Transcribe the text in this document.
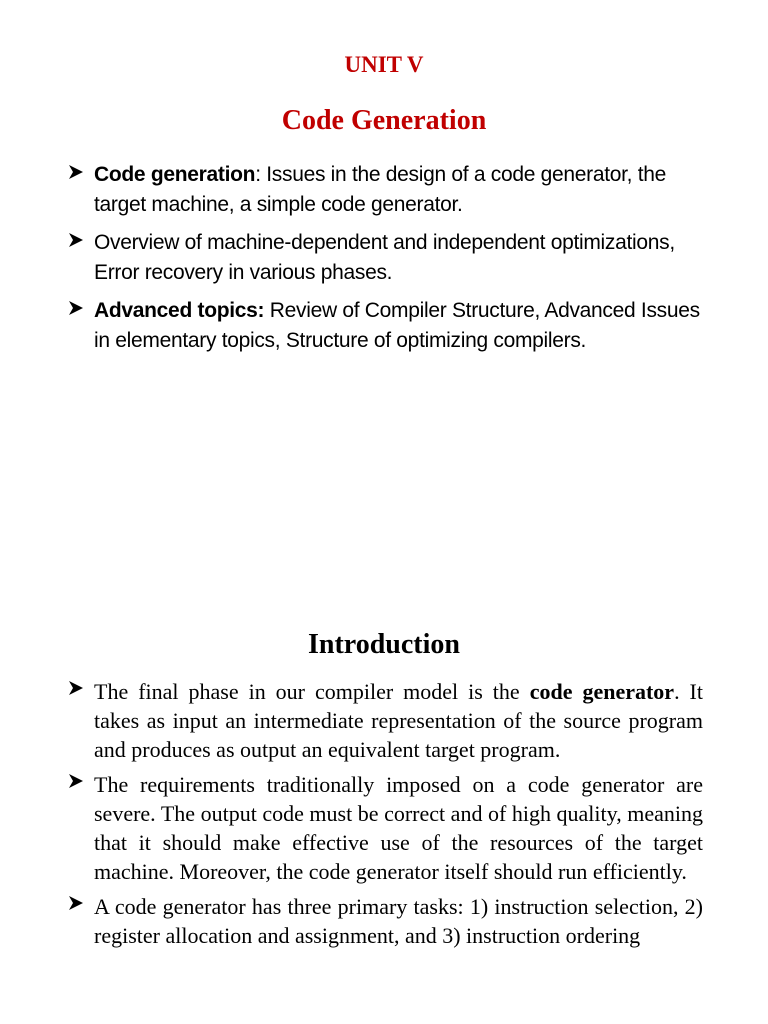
UNIT V
Code Generation
Code generation: Issues in the design of a code generator, the target machine, a simple code generator.
Overview of machine-dependent and independent optimizations, Error recovery in various phases.
Advanced topics: Review of Compiler Structure, Advanced Issues in elementary topics, Structure of optimizing compilers.
Introduction
The final phase in our compiler model is the code generator. It takes as input an intermediate representation of the source program and produces as output an equivalent target program.
The requirements traditionally imposed on a code generator are severe. The output code must be correct and of high quality, meaning that it should make effective use of the resources of the target machine. Moreover, the code generator itself should run efficiently.
A code generator has three primary tasks: 1) instruction selection, 2) register allocation and assignment, and 3) instruction ordering
